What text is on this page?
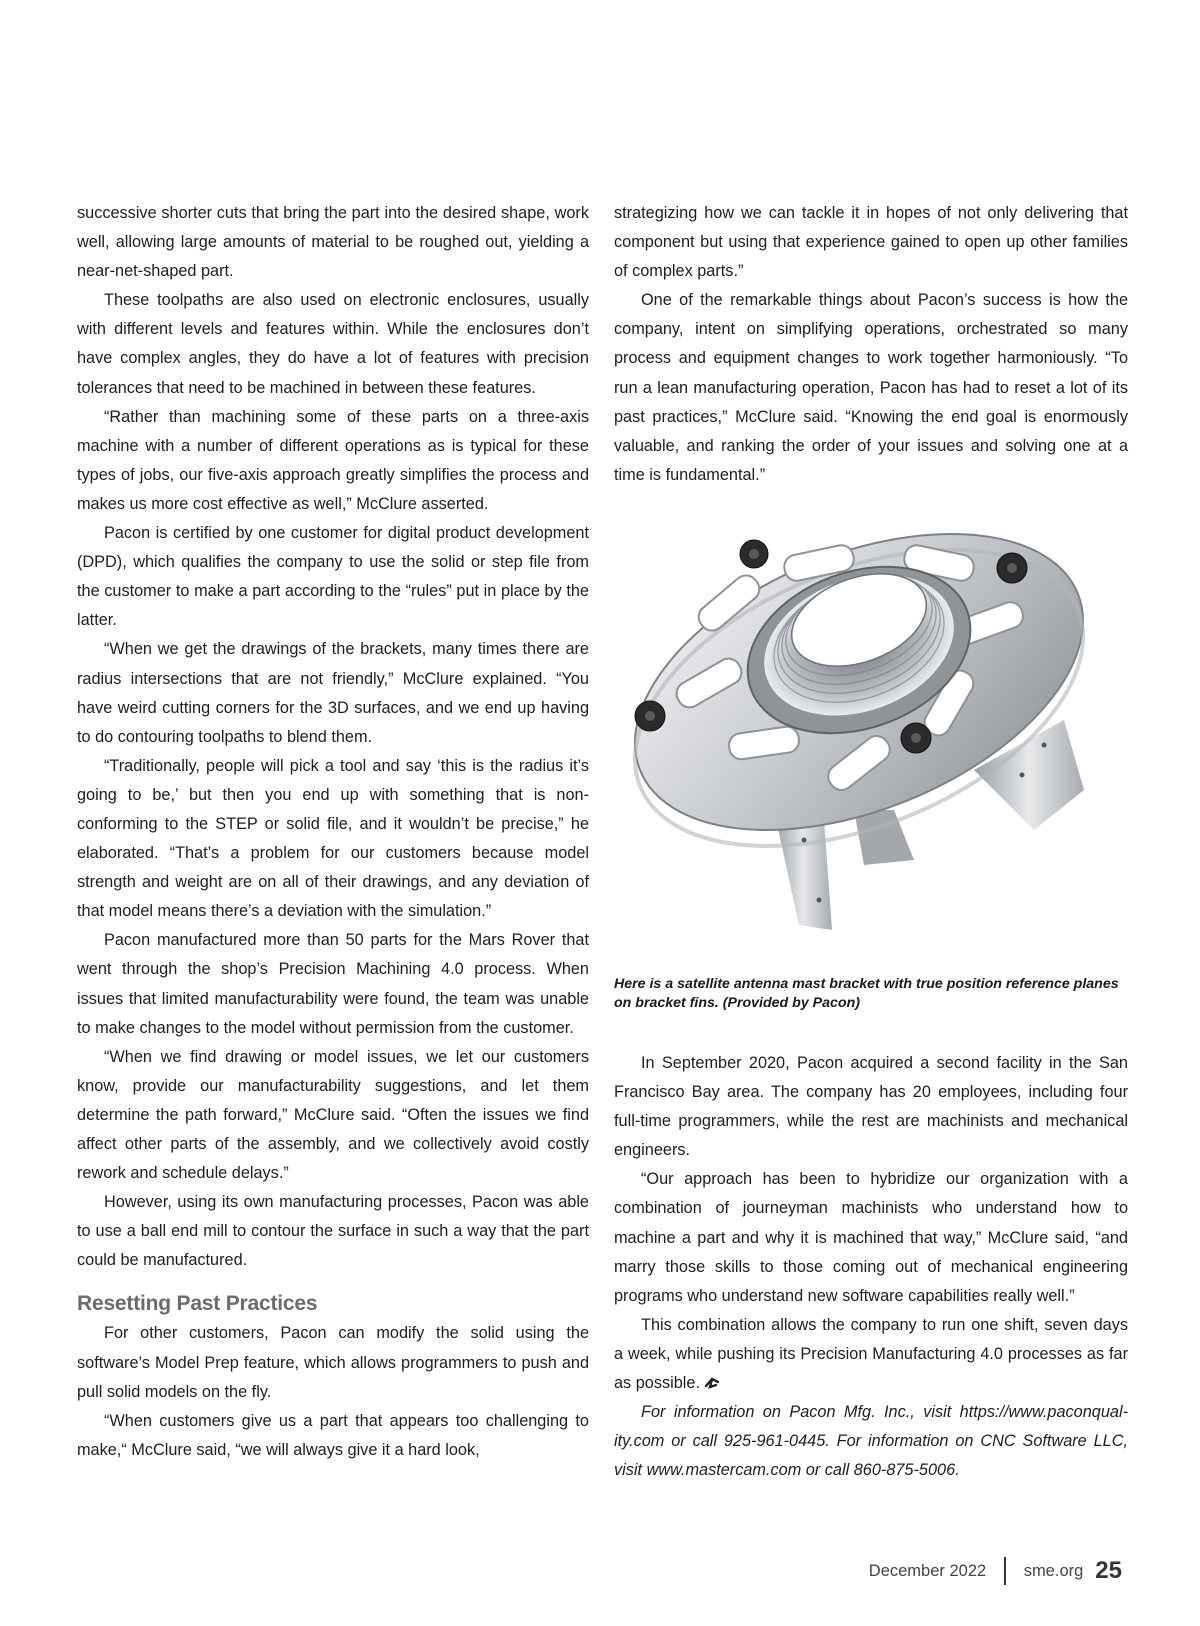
successive shorter cuts that bring the part into the desired shape, work well, allowing large amounts of material to be roughed out, yielding a near-net-shaped part.

These toolpaths are also used on electronic enclosures, usually with different levels and features within. While the enclosures don’t have complex angles, they do have a lot of features with precision tolerances that need to be machined in between these features.

“Rather than machining some of these parts on a three-axis machine with a number of different operations as is typical for these types of jobs, our five-axis approach greatly simplifies the process and makes us more cost effective as well,” McClure asserted.

Pacon is certified by one customer for digital product development (DPD), which qualifies the company to use the solid or step file from the customer to make a part according to the “rules” put in place by the latter.

“When we get the drawings of the brackets, many times there are radius intersections that are not friendly,” McClure explained. “You have weird cutting corners for the 3D surfaces, and we end up having to do contouring toolpaths to blend them.

“Traditionally, people will pick a tool and say ‘this is the radius it’s going to be,’ but then you end up with something that is non-conforming to the STEP or solid file, and it wouldn’t be precise,” he elaborated. “That’s a problem for our customers because model strength and weight are on all of their drawings, and any deviation of that model means there’s a deviation with the simulation.”

Pacon manufactured more than 50 parts for the Mars Rover that went through the shop’s Precision Machining 4.0 process. When issues that limited manufacturability were found, the team was unable to make changes to the model without permission from the customer.

“When we find drawing or model issues, we let our customers know, provide our manufacturability suggestions, and let them determine the path forward,” McClure said. “Often the issues we find affect other parts of the assembly, and we collectively avoid costly rework and schedule delays.”

However, using its own manufacturing processes, Pacon was able to use a ball end mill to contour the surface in such a way that the part could be manufactured.

Resetting Past Practices

For other customers, Pacon can modify the solid using the software’s Model Prep feature, which allows programmers to push and pull solid models on the fly.

“When customers give us a part that appears too challenging to make,“ McClure said, “we will always give it a hard look,

strategizing how we can tackle it in hopes of not only delivering that component but using that experience gained to open up other families of complex parts.”

One of the remarkable things about Pacon’s success is how the company, intent on simplifying operations, orchestrated so many process and equipment changes to work together harmoniously. “To run a lean manufacturing operation, Pacon has had to reset a lot of its past practices,” McClure said. “Knowing the end goal is enormously valuable, and ranking the order of your issues and solving one at a time is fundamental.”

Here is a satellite antenna mast bracket with true position reference planes on bracket fins. (Provided by Pacon)

In September 2020, Pacon acquired a second facility in the San Francisco Bay area. The company has 20 employees, including four full-time programmers, while the rest are machinists and mechanical engineers.

“Our approach has been to hybridize our organization with a combination of journeyman machinists who understand how to machine a part and why it is machined that way,” McClure said, “and marry those skills to those coming out of mechanical engineering programs who understand new software capabilities really well.”

This combination allows the company to run one shift, seven days a week, while pushing its Precision Manufacturing 4.0 processes as far as possible.

For information on Pacon Mfg. Inc., visit https://www.paconquality.com or call 925-961-0445. For information on CNC Software LLC, visit www.mastercam.com or call 860-875-5006.

December 2022 sme.org 25
